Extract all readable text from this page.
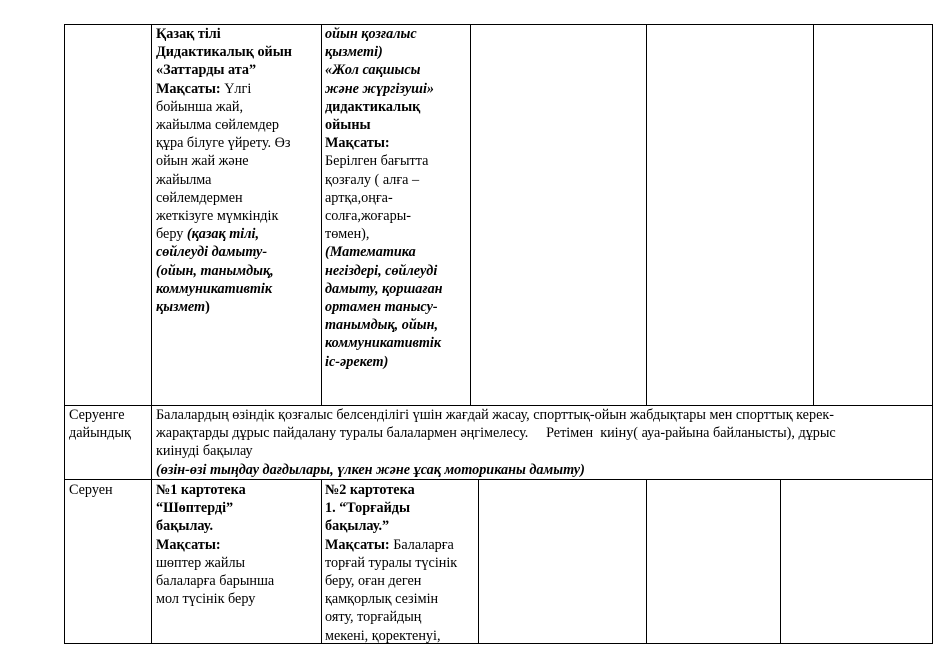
Қазақ тілі
Дидактикалық ойын
«Заттарды ата”
Мақсаты: Үлгі
бойынша жай,
жайылма сөйлемдер
құра білуге үйрету. Өз
ойын жай және
жайылма
сөйлемдермен
жеткізуге мүмкіндік
беру (қазақ тілі,
сөйлеуді дамыту-
(ойын, танымдық,
коммуникативтік
қызмет)
ойын қозғалыс
қызметі)
«Жол сақшысы
және жүргізуші»
дидактикалық
ойыны
Мақсаты:
Берілген бағытта
қозғалу ( алға –
артқа,оңға-
солға,жоғары-
төмен),
(Математика
негіздері, сөйлеуді
дамыту, қоршаған
ортамен танысу-
танымдық, ойын,
коммуникативтік
іс-әрекет)
Серуенге
дайындық
Балалардың өзіндік қозғалыс белсенділігі үшін жағдай жасау, спорттық-ойын жабдықтары мен спорттық керек-
жарақтарды дұрыс пайдалану туралы балалармен әңгімелесу.     Ретімен  киіну( ауа-райына байланысты), дұрыс
киінуді бақылау
(өзін-өзі тыңдау дағдылары, үлкен және ұсақ моториканы дамыту)
Серуен	№1 картотека
“Шөптерді”
бақылау.
Мақсаты:
шөптер жайлы
балаларға барынша
мол түсінік беру
№2 картотека
1. “Торғайды
бақылау.”
Мақсаты: Балаларға
торғай туралы түсінік
беру, оған деген
қамқорлық сезімін
ояту, торғайдың
мекені, қоректенуі,
